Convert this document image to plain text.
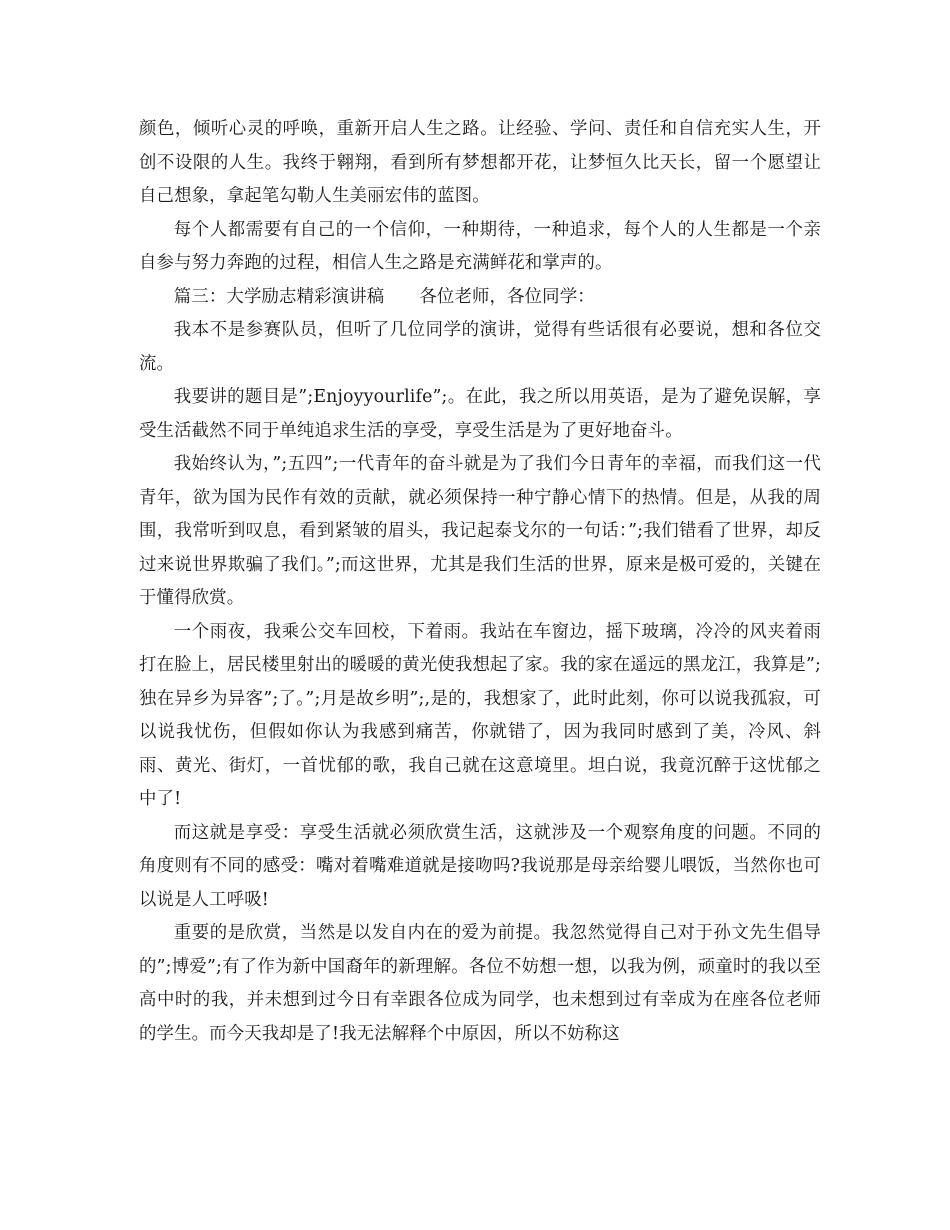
颜色，倾听心灵的呼唤，重新开启人生之路。让经验、学问、责任和自信充实人生，开创不设限的人生。我终于翱翔，看到所有梦想都开花，让梦恒久比天长，留一个愿望让自己想象，拿起笔勾勒人生美丽宏伟的蓝图。

每个人都需要有自己的一个信仰，一种期待，一种追求，每个人的人生都是一个亲自参与努力奔跑的过程，相信人生之路是充满鲜花和掌声的。

篇三：大学励志精彩演讲稿　　各位老师，各位同学：

我本不是参赛队员，但听了几位同学的演讲，觉得有些话很有必要说，想和各位交流。

我要讲的题目是”;Enjoyyourlife”;。在此，我之所以用英语，是为了避免误解，享受生活截然不同于单纯追求生活的享受，享受生活是为了更好地奋斗。

我始终认为，”;五四”;一代青年的奋斗就是为了我们今日青年的幸福，而我们这一代青年，欲为国为民作有效的贡献，就必须保持一种宁静心情下的热情。但是，从我的周围，我常听到叹息，看到紧皱的眉头，我记起泰戈尔的一句话：”;我们错看了世界，却反过来说世界欺骗了我们。”;而这世界，尤其是我们生活的世界，原来是极可爱的，关键在于懂得欣赏。

一个雨夜，我乘公交车回校，下着雨。我站在车窗边，摇下玻璃，冷冷的风夹着雨打在脸上，居民楼里射出的暖暖的黄光使我想起了家。我的家在遥远的黑龙江，我算是”;独在异乡为异客”;了。”;月是故乡明”;,是的，我想家了，此时此刻，你可以说我孤寂，可以说我忧伤，但假如你认为我感到痛苦，你就错了，因为我同时感到了美，冷风、斜雨、黄光、街灯，一首忧郁的歌，我自己就在这意境里。坦白说，我竟沉醉于这忧郁之中了!

而这就是享受：享受生活就必须欣赏生活，这就涉及一个观察角度的问题。不同的角度则有不同的感受：嘴对着嘴难道就是接吻吗?我说那是母亲给婴儿喂饭，当然你也可以说是人工呼吸!

重要的是欣赏，当然是以发自内在的爱为前提。我忽然觉得自己对于孙文先生倡导的”;博爱”;有了作为新中国裔年的新理解。各位不妨想一想，以我为例，顽童时的我以至高中时的我，并未想到过今日有幸跟各位成为同学，也未想到过有幸成为在座各位老师的学生。而今天我却是了!我无法解释个中原因，所以不妨称这
